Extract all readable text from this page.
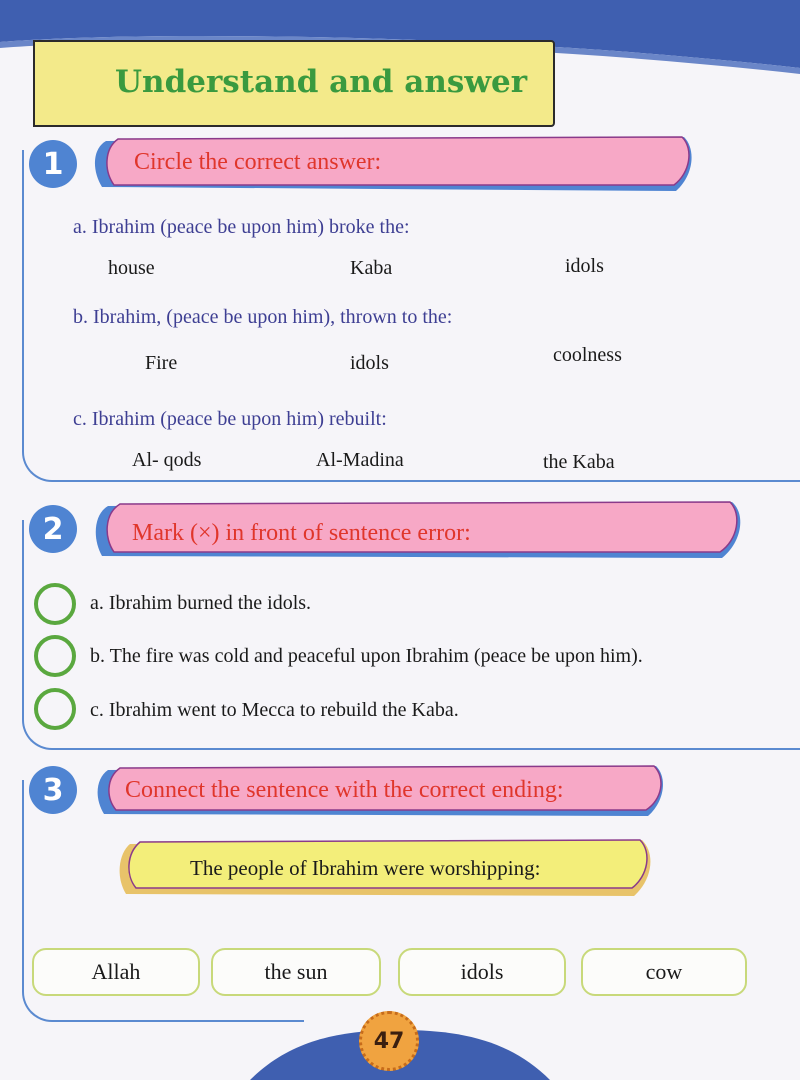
Understand and answer
1	Circle the correct answer:
a. Ibrahim (peace be upon him) broke the:
house	Kaba	idols
b. Ibrahim, (peace be upon him), thrown to the:
Fire	idols	coolness
c. Ibrahim (peace be upon him) rebuilt:
Al- qods	Al-Madina	the Kaba
2	Mark (×) in front of sentence error:
a. Ibrahim burned the idols.
b. The fire was cold and peaceful upon Ibrahim (peace be upon him).
c. Ibrahim went to Mecca to rebuild the Kaba.
3	Connect the sentence with the correct ending:
The people of Ibrahim were worshipping:
Allah	the sun	idols	cow
47
